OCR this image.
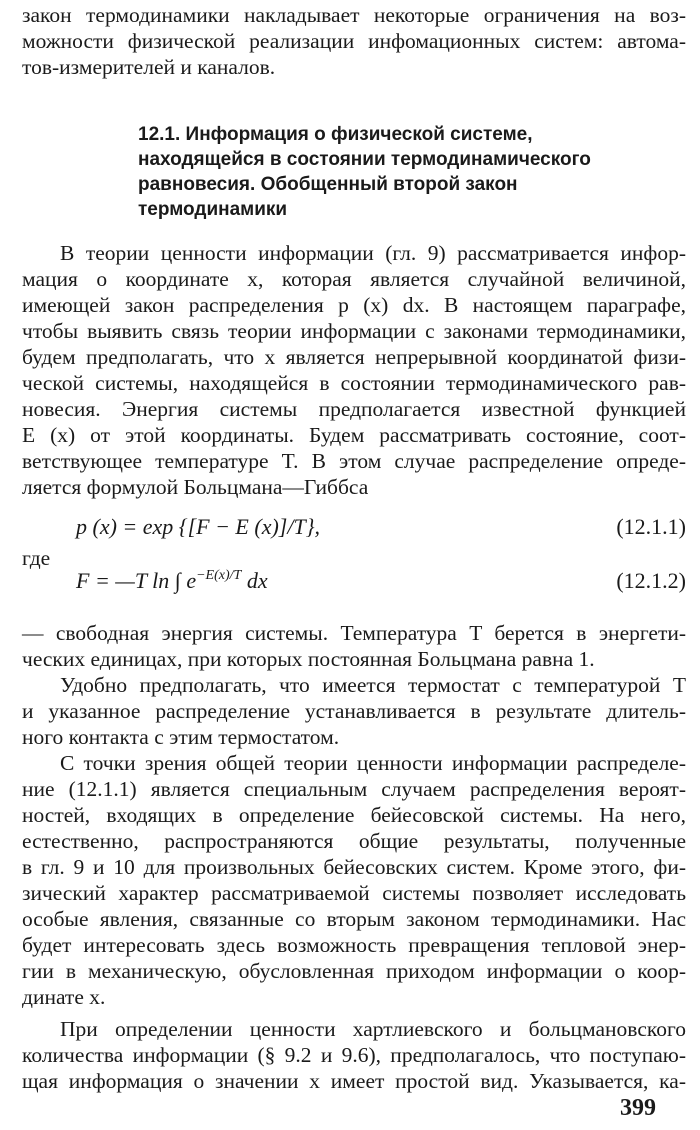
закон термодинамики накладывает некоторые ограничения на воз-
можности физической реализации инфомационных систем: автома-
тов-измерителей и каналов.
12.1. Информация о физической системе,
находящейся в состоянии термодинамического
равновесия. Обобщенный второй закон
термодинамики
В теории ценности информации (гл. 9) рассматривается инфор-
мация о координате x, которая является случайной величиной,
имеющей закон распределения p (x) dx. В настоящем параграфе,
чтобы выявить связь теории информации с законами термодинамики,
будем предполагать, что x является непрерывной координатой физи-
ческой системы, находящейся в состоянии термодинамического рав-
новесия. Энергия системы предполагается известной функцией
E (x) от этой координаты. Будем рассматривать состояние, соот-
ветствующее температуре T. В этом случае распределение опреде-
ляется формулой Больцмана—Гиббса
p (x) = exp {[F − E (x)]/T},	(12.1.1)
где
F = —T ln ∫ $e^{-E(x)/T}$ dx	(12.1.2)
— свободная энергия системы. Температура T берется в энергети-
ческих единицах, при которых постоянная Больцмана равна 1.
Удобно предполагать, что имеется термостат с температурой T
и указанное распределение устанавливается в результате длитель-
ного контакта с этим термостатом.
С точки зрения общей теории ценности информации распределе-
ние (12.1.1) является специальным случаем распределения вероят-
ностей, входящих в определение бейесовской системы. На него,
естественно, распространяются общие результаты, полученные
в гл. 9 и 10 для произвольных бейесовских систем. Кроме этого, фи-
зический характер рассматриваемой системы позволяет исследовать
особые явления, связанные со вторым законом термодинамики. Нас
будет интересовать здесь возможность превращения тепловой энер-
гии в механическую, обусловленная приходом информации о коор-
динате x.
При определении ценности хартлиевского и больцмановского
количества информации (§ 9.2 и 9.6), предполагалось, что поступаю-
щая информация о значении x имеет простой вид. Указывается, ка-
399
